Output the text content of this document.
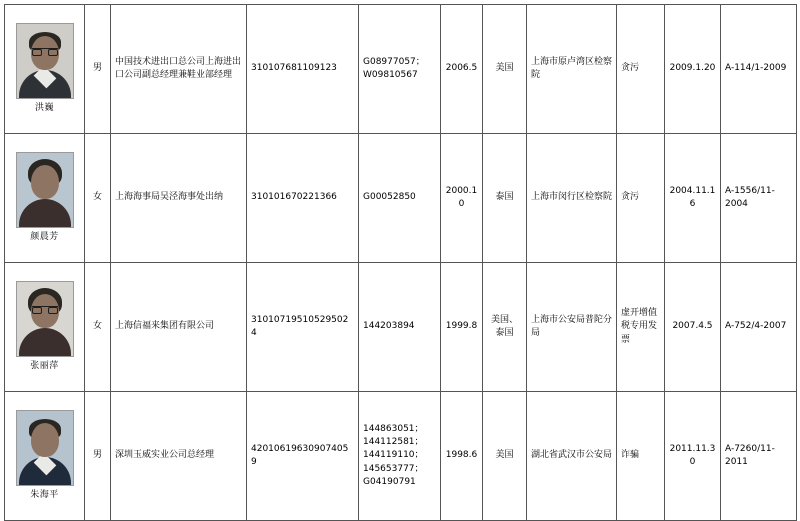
洪巍	男	中国技术进出口总公司上海进出口公司副总经理兼鞋业部经理	310107681109123	G08977057；W09810567	2006.5	美国	上海市原卢湾区检察院	贪污	2009.1.20	A-114/1-2009

颜晨芳	女	上海海事局吴泾海事处出纳	310101670221366	G00052850	2000.10	泰国	上海市闵行区检察院	贪污	2004.11.16	A-1556/11-2004

张丽萍	女	上海信福来集团有限公司	310107195105295024	144203894	1999.8	美国、泰国	上海市公安局普陀分局	虚开增值税专用发票	2007.4.5	A-752/4-2007

朱海平	男	深圳玉威实业公司总经理	420106196309074059	144863051；144112581；144119110；145653777；G04190791	1998.6	美国	湖北省武汉市公安局	诈骗	2011.11.30	A-7260/11-2011
